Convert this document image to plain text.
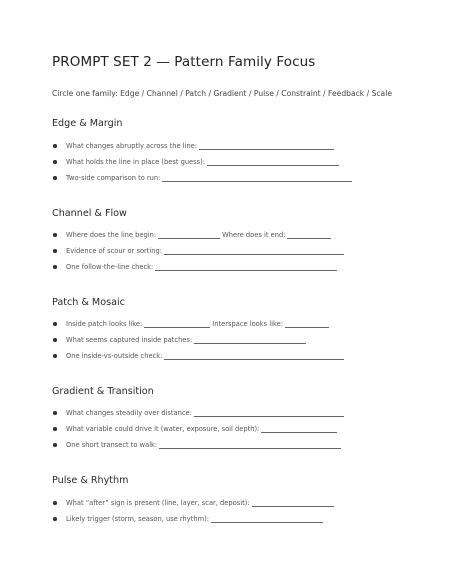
PROMPT SET 2 — Pattern Family Focus
Circle one family: Edge / Channel / Patch / Gradient / Pulse / Constraint / Feedback / Scale
Edge & Margin
What changes abruptly across the line:
What holds the line in place (best guess):
Two-side comparison to run:
Channel & Flow
Where does the line begin:	Where does it end:
Evidence of scour or sorting:
One follow-the-line check:
Patch & Mosaic
Inside patch looks like:	Interspace looks like:
What seems captured inside patches:
One inside-vs-outside check:
Gradient & Transition
What changes steadily over distance:
What variable could drive it (water, exposure, soil depth):
One short transect to walk:
Pulse & Rhythm
What “after” sign is present (line, layer, scar, deposit):
Likely trigger (storm, season, use rhythm):
